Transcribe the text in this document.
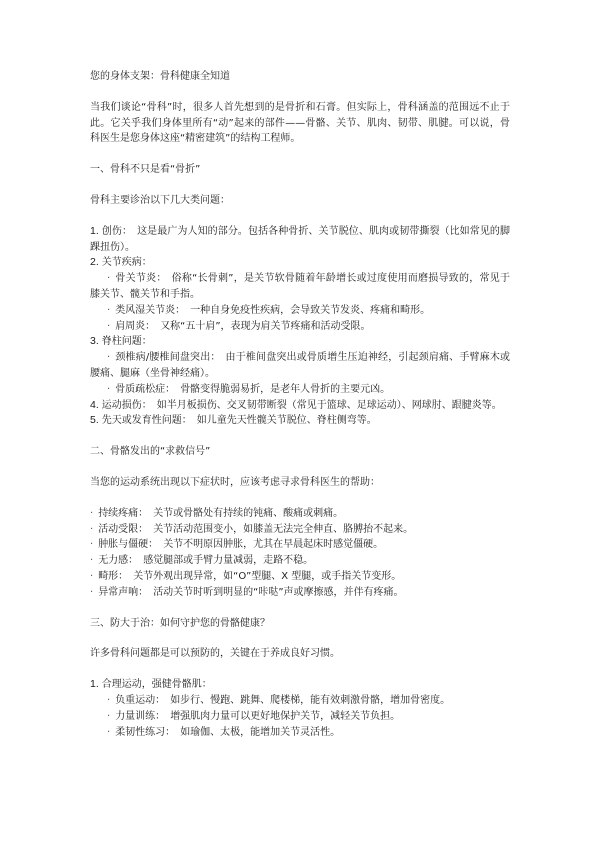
您的身体支架：骨科健康全知道

当我们谈论“骨科”时，很多人首先想到的是骨折和石膏。但实际上，骨科涵盖的范围远不止于此。它关乎我们身体里所有“动”起来的部件——骨骼、关节、肌肉、韧带、肌腱。可以说，骨科医生是您身体这座“精密建筑”的结构工程师。

一、骨科不只是看“骨折”

骨科主要诊治以下几大类问题：

1. 创伤： 这是最广为人知的部分。包括各种骨折、关节脱位、肌肉或韧带撕裂（比如常见的脚踝扭伤）。
2. 关节疾病：
· 骨关节炎： 俗称“长骨刺”，是关节软骨随着年龄增长或过度使用而磨损导致的，常见于膝关节、髋关节和手指。
· 类风湿关节炎： 一种自身免疫性疾病，会导致关节发炎、疼痛和畸形。
· 肩周炎： 又称“五十肩”，表现为肩关节疼痛和活动受限。
3. 脊柱问题：
· 颈椎病/腰椎间盘突出： 由于椎间盘突出或骨质增生压迫神经，引起颈肩痛、手臂麻木或腰痛、腿麻（坐骨神经痛）。
· 骨质疏松症： 骨骼变得脆弱易折，是老年人骨折的主要元凶。
4. 运动损伤： 如半月板损伤、交叉韧带断裂（常见于篮球、足球运动）、网球肘、跟腱炎等。
5. 先天或发育性问题： 如儿童先天性髋关节脱位、脊柱侧弯等。

二、骨骼发出的“求救信号”

当您的运动系统出现以下症状时，应该考虑寻求骨科医生的帮助：

· 持续疼痛： 关节或骨骼处有持续的钝痛、酸痛或刺痛。
· 活动受限： 关节活动范围变小，如膝盖无法完全伸直、胳膊抬不起来。
· 肿胀与僵硬： 关节不明原因肿胀，尤其在早晨起床时感觉僵硬。
· 无力感： 感觉腿部或手臂力量减弱，走路不稳。
· 畸形： 关节外观出现异常，如“O”型腿、X 型腿，或手指关节变形。
· 异常声响： 活动关节时听到明显的“咔哒”声或摩擦感，并伴有疼痛。

三、防大于治：如何守护您的骨骼健康？

许多骨科问题都是可以预防的，关键在于养成良好习惯。

1. 合理运动，强健骨骼肌：
· 负重运动： 如步行、慢跑、跳舞、爬楼梯，能有效刺激骨骼，增加骨密度。
· 力量训练： 增强肌肉力量可以更好地保护关节，减轻关节负担。
· 柔韧性练习： 如瑜伽、太极，能增加关节灵活性。
